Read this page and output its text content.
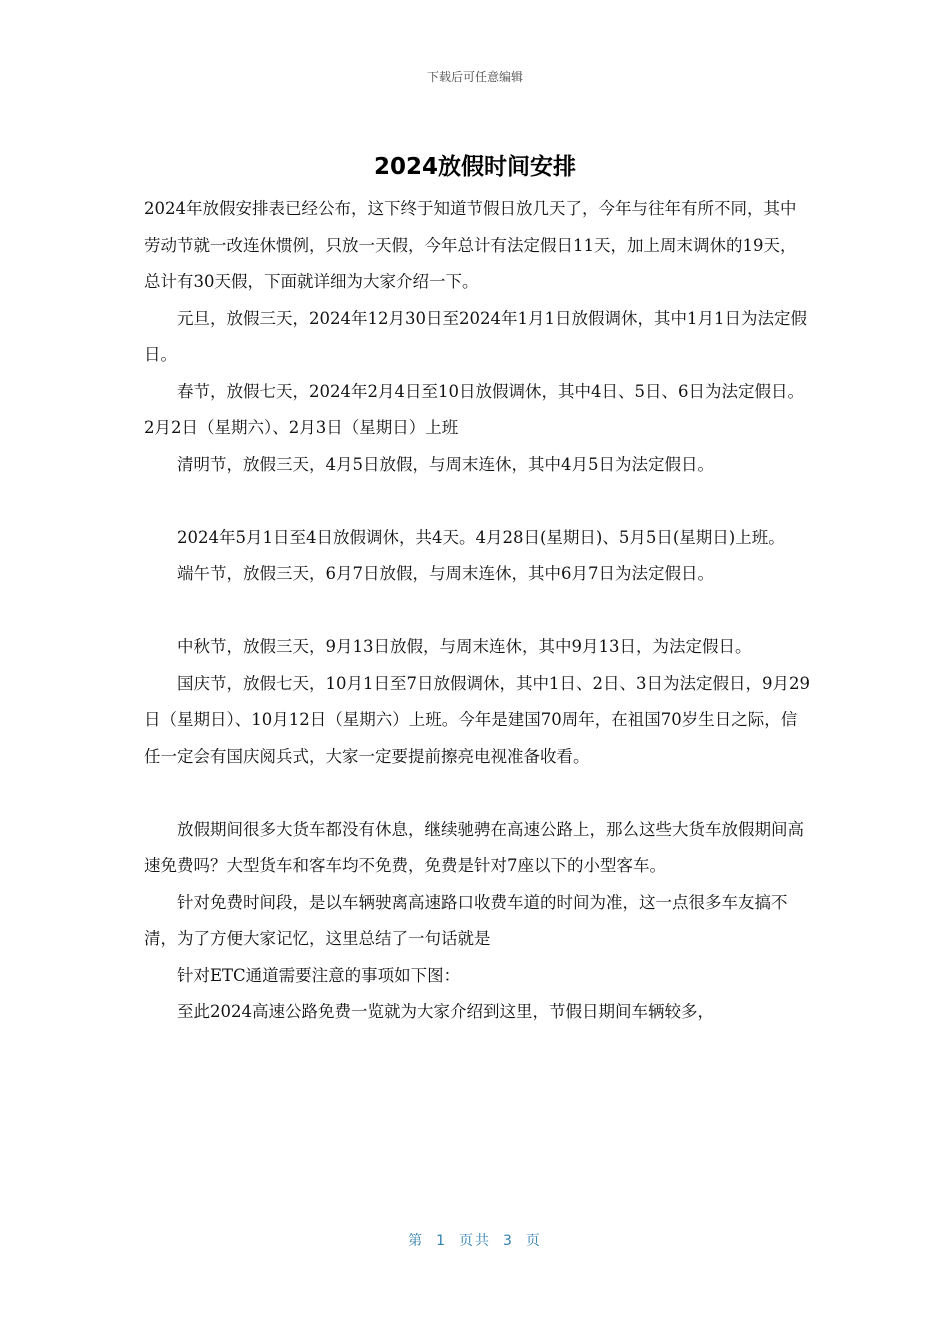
下载后可任意编辑
2024放假时间安排

2024年放假安排表已经公布，这下终于知道节假日放几天了，今年与往年有所不同，其中劳动节就一改连休惯例，只放一天假，今年总计有法定假日11天，加上周末调休的19天，总计有30天假，下面就详细为大家介绍一下。

元旦，放假三天，2024年12月30日至2024年1月1日放假调休，其中1月1日为法定假日。

春节，放假七天，2024年2月4日至10日放假调休，其中4日、5日、6日为法定假日。2月2日（星期六）、2月3日（星期日）上班

清明节，放假三天，4月5日放假，与周末连休，其中4月5日为法定假日。

2024年5月1日至4日放假调休，共4天。4月28日(星期日)、5月5日(星期日)上班。

端午节，放假三天，6月7日放假，与周末连休，其中6月7日为法定假日。

中秋节，放假三天，9月13日放假，与周末连休，其中9月13日，为法定假日。

国庆节，放假七天，10月1日至7日放假调休，其中1日、2日、3日为法定假日，9月29日（星期日）、10月12日（星期六）上班。今年是建国70周年，在祖国70岁生日之际，信任一定会有国庆阅兵式，大家一定要提前擦亮电视准备收看。

放假期间很多大货车都没有休息，继续驰骋在高速公路上，那么这些大货车放假期间高速免费吗？大型货车和客车均不免费，免费是针对7座以下的小型客车。

针对免费时间段，是以车辆驶离高速路口收费车道的时间为准，这一点很多车友搞不清，为了方便大家记忆，这里总结了一句话就是

针对ETC通道需要注意的事项如下图：

至此2024高速公路免费一览就为大家介绍到这里，节假日期间车辆较多，

第 1 页共 3 页
